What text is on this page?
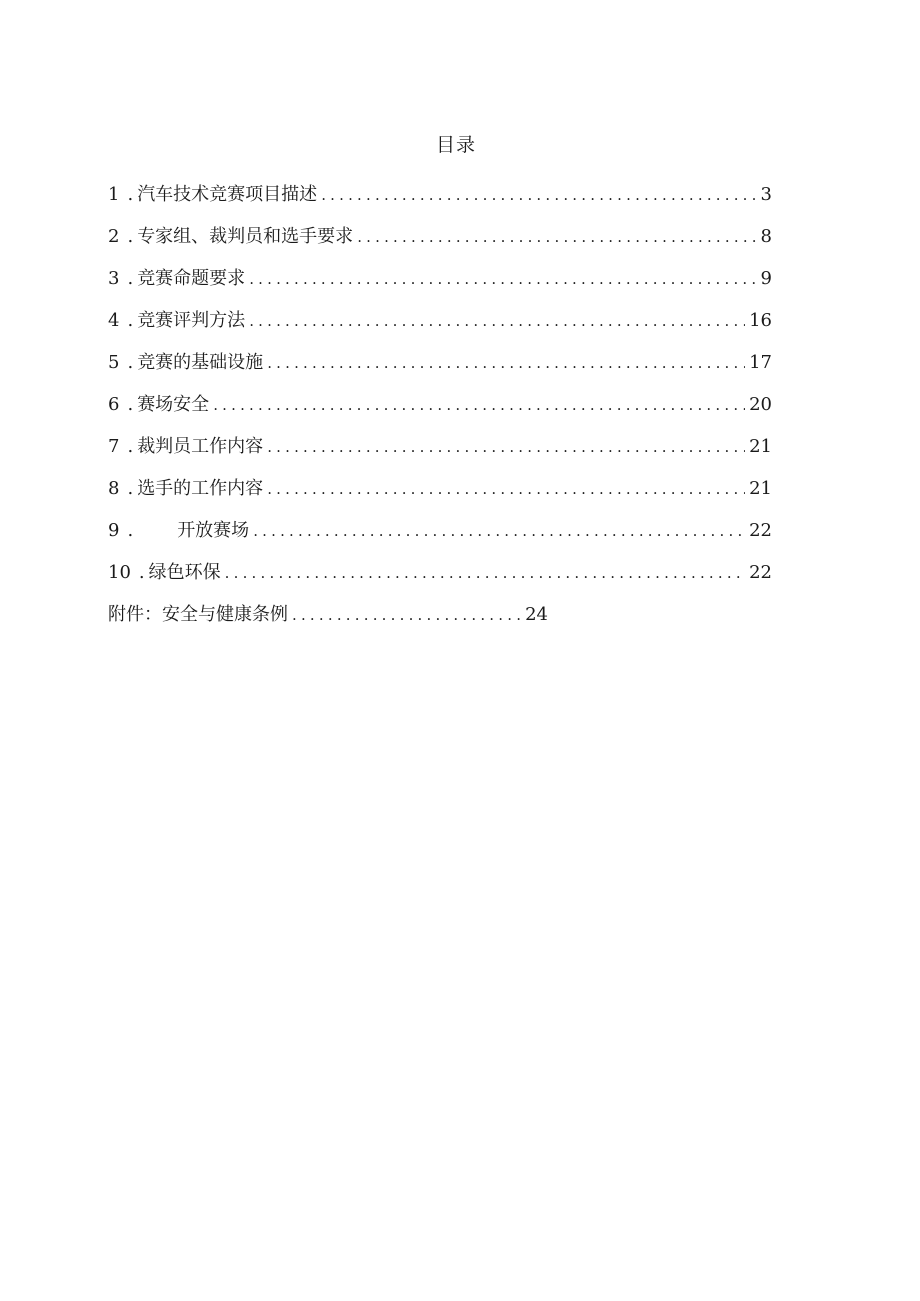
目录
1 . 汽车技术竞赛项目描述 .....	3
2 . 专家组、裁判员和选手要求 .....	8
3 . 竞赛命题要求 .....	9
4 . 竞赛评判方法 .....	16
5 . 竞赛的基础设施 .....	17
6 . 赛场安全 .....	20
7 . 裁判员工作内容 .....	21
8 . 选手的工作内容 .....	21
9 .	开放赛场 .....	22
10 . 绿色环保 .....	22
附件：安全与健康条例 .....	24
